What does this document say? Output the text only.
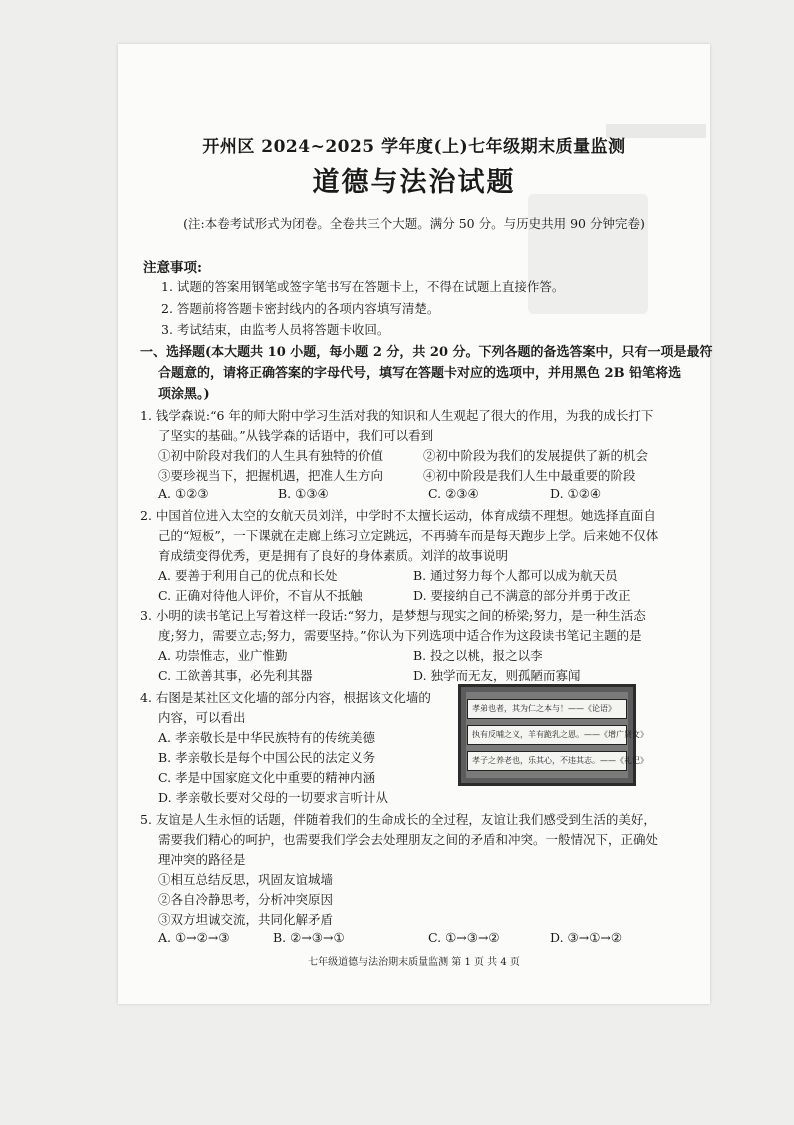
开州区 2024~2025 学年度(上)七年级期末质量监测
道德与法治试题
(注:本卷考试形式为闭卷。全卷共三个大题。满分 50 分。与历史共用 90 分钟完卷)
注意事项:
1. 试题的答案用钢笔或签字笔书写在答题卡上，不得在试题上直接作答。
2. 答题前将答题卡密封线内的各项内容填写清楚。
3. 考试结束，由监考人员将答题卡收回。
一、选择题(本大题共 10 小题，每小题 2 分，共 20 分。下列各题的备选答案中，只有一项是最符
合题意的，请将正确答案的字母代号，填写在答题卡对应的选项中，并用黑色 2B 铅笔将选
项涂黑。)
1. 钱学森说:“6 年的师大附中学习生活对我的知识和人生观起了很大的作用，为我的成长打下
了坚实的基础。”从钱学森的话语中，我们可以看到
①初中阶段对我们的人生具有独特的价值	②初中阶段为我们的发展提供了新的机会
③要珍视当下，把握机遇，把准人生方向	④初中阶段是我们人生中最重要的阶段
A. ①②③	B. ①③④	C. ②③④	D. ①②④
2. 中国首位进入太空的女航天员刘洋，中学时不太擅长运动，体育成绩不理想。她选择直面自
己的“短板”，一下课就在走廊上练习立定跳远，不再骑车而是每天跑步上学。后来她不仅体
育成绩变得优秀，更是拥有了良好的身体素质。刘洋的故事说明
A. 要善于利用自己的优点和长处	B. 通过努力每个人都可以成为航天员
C. 正确对待他人评价，不盲从不抵触	D. 要接纳自己不满意的部分并勇于改正
3. 小明的读书笔记上写着这样一段话:“努力，是梦想与现实之间的桥梁;努力，是一种生活态
度;努力，需要立志;努力，需要坚持。”你认为下列选项中适合作为这段读书笔记主题的是
A. 功崇惟志，业广惟勤	B. 投之以桃，报之以李
C. 工欲善其事，必先利其器	D. 独学而无友，则孤陋而寡闻
4. 右图是某社区文化墙的部分内容，根据该文化墙的
内容，可以看出
A. 孝亲敬长是中华民族特有的传统美德
B. 孝亲敬长是每个中国公民的法定义务
C. 孝是中国家庭文化中重要的精神内涵
D. 孝亲敬长要对父母的一切要求言听计从
孝弟也者，其为仁之本与！——《论语》
执有反哺之义，羊有跪乳之恩。——《增广贤文》
孝子之养老也，乐其心，不违其志。——《礼记》
5. 友谊是人生永恒的话题，伴随着我们的生命成长的全过程，友谊让我们感受到生活的美好，
需要我们精心的呵护，也需要我们学会去处理朋友之间的矛盾和冲突。一般情况下，正确处
理冲突的路径是
①相互总结反思，巩固友谊城墙
②各自冷静思考，分析冲突原因
③双方坦诚交流，共同化解矛盾
A. ①→②→③	B. ②→③→①	C. ①→③→②	D. ③→①→②
七年级道德与法治期末质量监测 第 1 页 共 4 页
